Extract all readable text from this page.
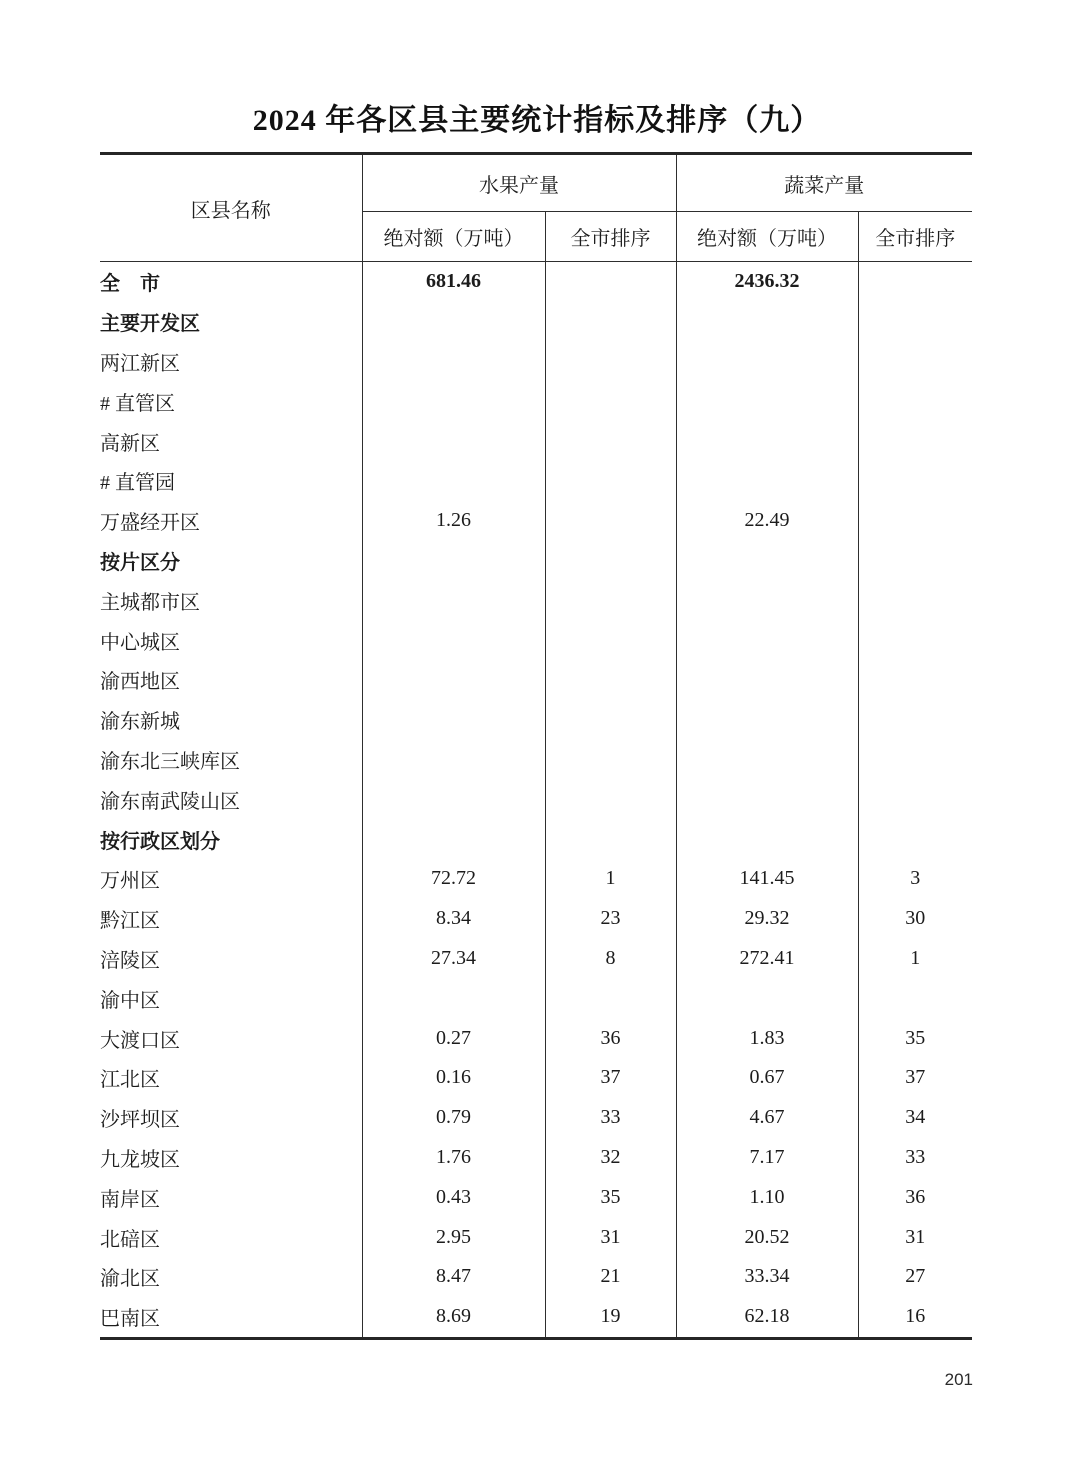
2024 年各区县主要统计指标及排序（九）
区县名称	水果产量		蔬菜产量	
	绝对额（万吨）	全市排序	绝对额（万吨）	全市排序
全　市	681.46		2436.32	
主要开发区				
两江新区				
# 直管区				
高新区				
# 直管园				
万盛经开区	1.26		22.49	
按片区分				
主城都市区				
中心城区				
渝西地区				
渝东新城				
渝东北三峡库区				
渝东南武陵山区				
按行政区划分				
万州区	72.72	1	141.45	3
黔江区	8.34	23	29.32	30
涪陵区	27.34	8	272.41	1
渝中区				
大渡口区	0.27	36	1.83	35
江北区	0.16	37	0.67	37
沙坪坝区	0.79	33	4.67	34
九龙坡区	1.76	32	7.17	33
南岸区	0.43	35	1.10	36
北碚区	2.95	31	20.52	31
渝北区	8.47	21	33.34	27
巴南区	8.69	19	62.18	16
201
